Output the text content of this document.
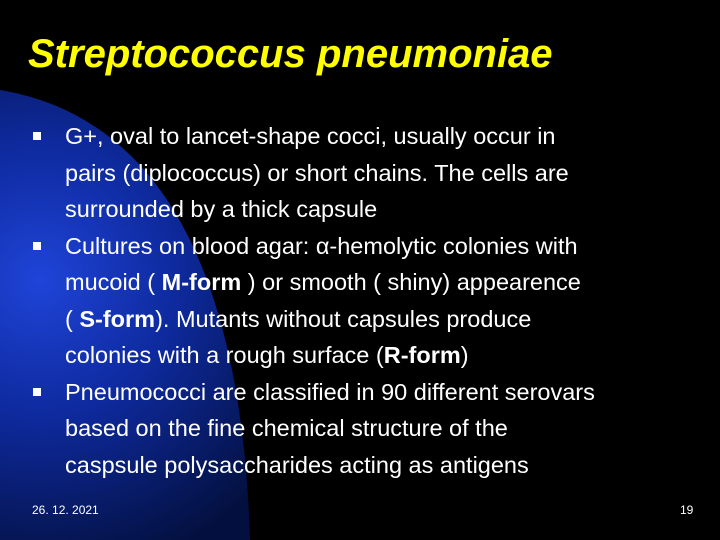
Streptococcus pneumoniae
G+, oval to lancet-shape cocci, usually occur in
pairs (diplococcus) or short chains. The cells are
surrounded by a thick capsule
Cultures on blood agar: α-hemolytic colonies with
mucoid ( M-form ) or smooth ( shiny) appearence
( S-form). Mutants without capsules produce
colonies with a rough surface (R-form)
Pneumococci are classified in 90 different serovars
based on the fine chemical structure of the
caspsule polysaccharides acting as antigens
26. 12. 2021	19
